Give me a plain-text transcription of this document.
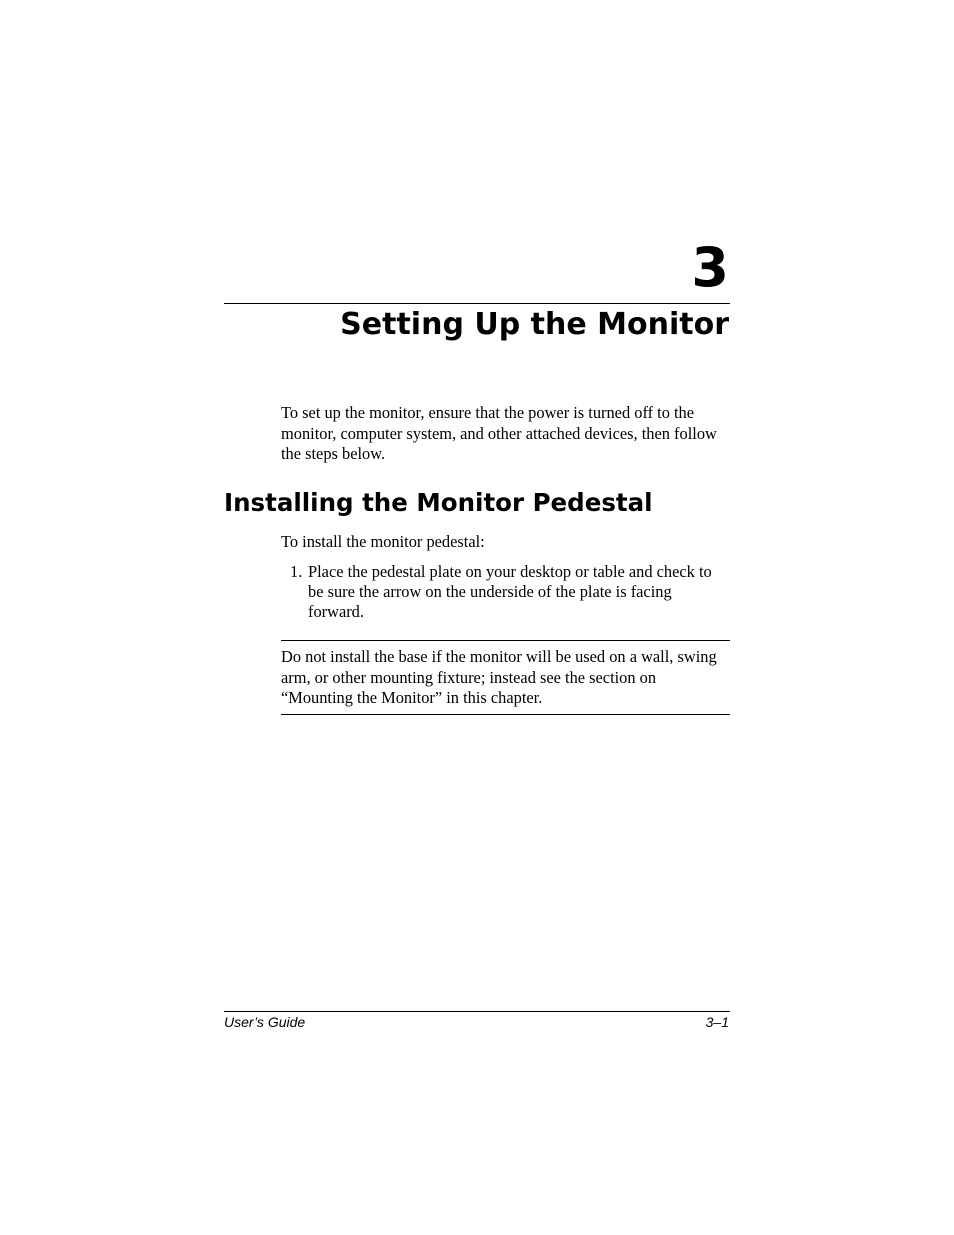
3
Setting Up the Monitor

To set up the monitor, ensure that the power is turned off to the monitor, computer system, and other attached devices, then follow the steps below.

Installing the Monitor Pedestal

To install the monitor pedestal:

1. Place the pedestal plate on your desktop or table and check to be sure the arrow on the underside of the plate is facing forward.

Do not install the base if the monitor will be used on a wall, swing arm, or other mounting fixture; instead see the section on “Mounting the Monitor” in this chapter.

User’s Guide	3–1
